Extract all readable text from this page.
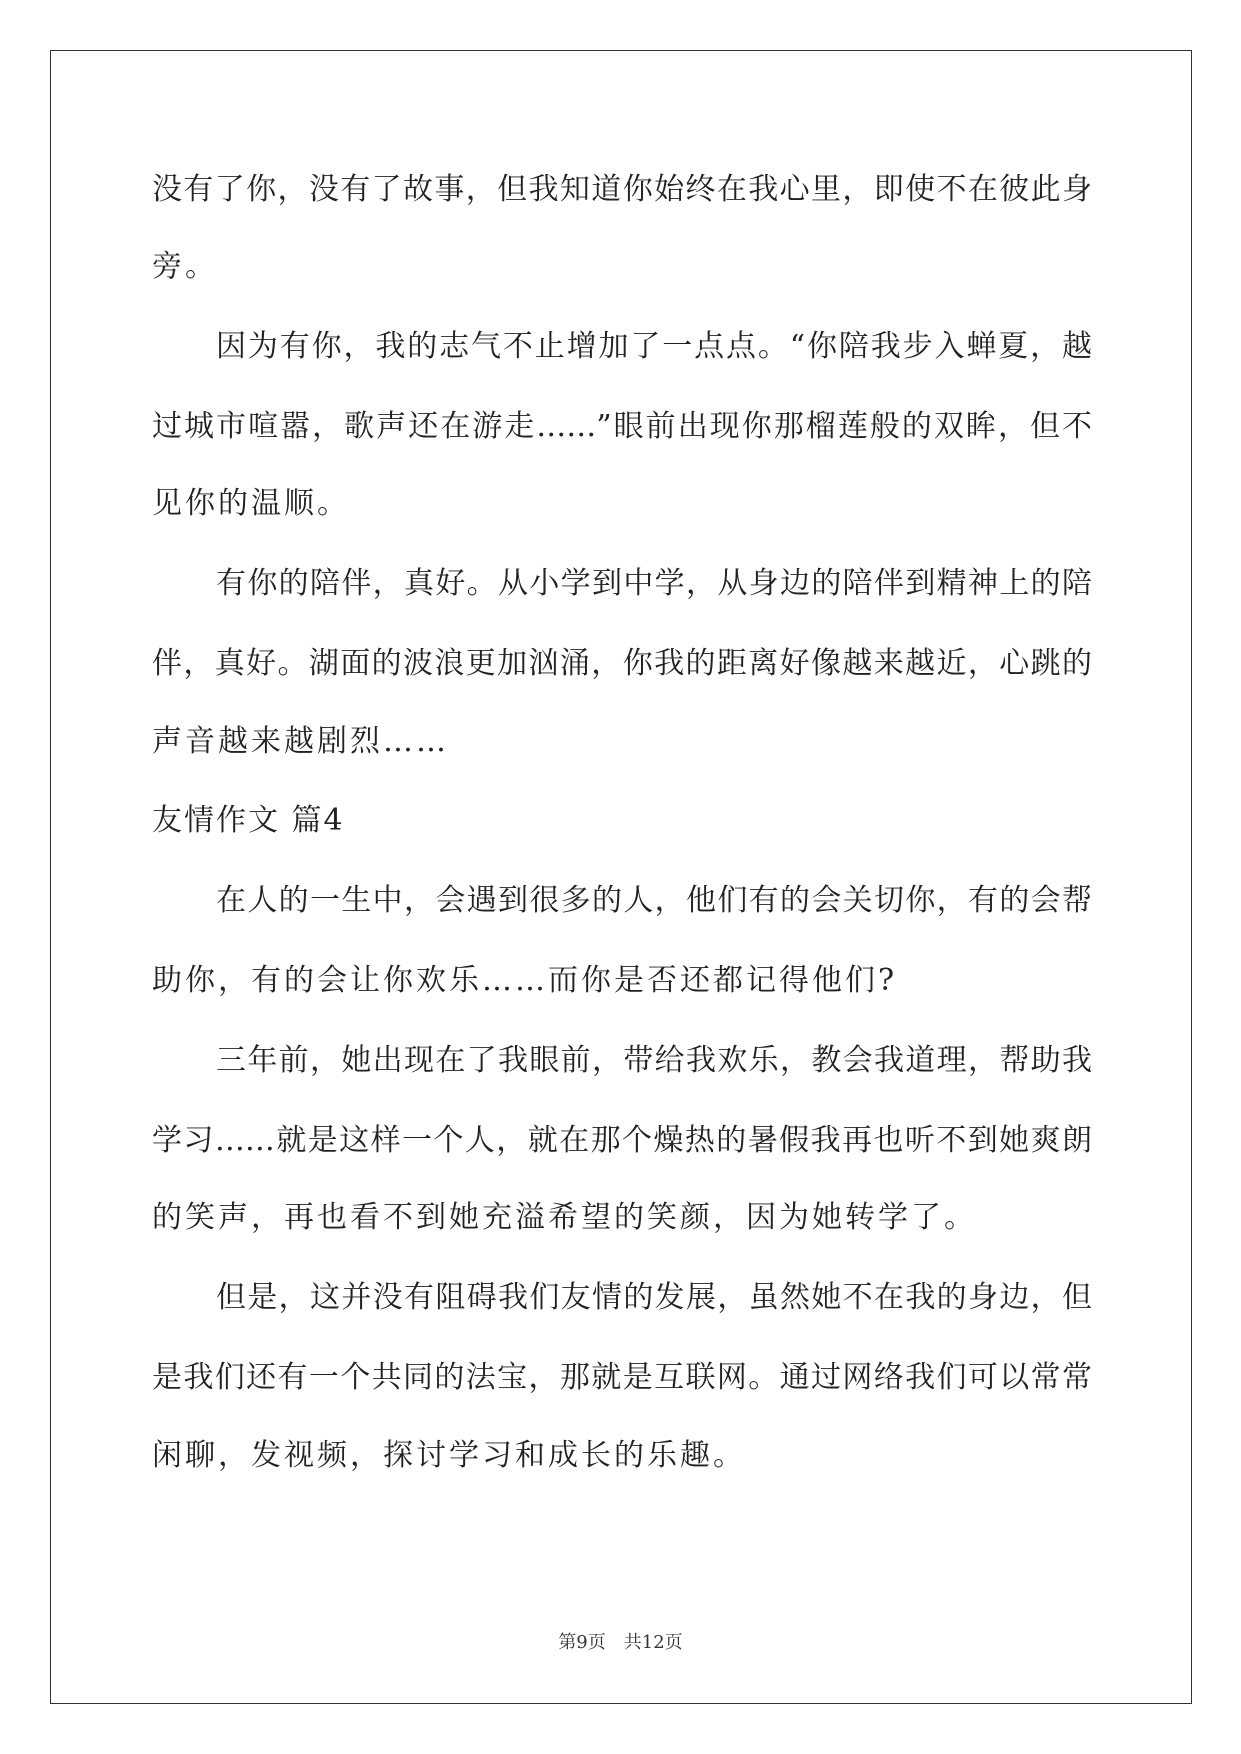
没有了你，没有了故事，但我知道你始终在我心里，即使不在彼此身
旁。
因为有你，我的志气不止增加了一点点。“你陪我步入蝉夏，越
过城市喧嚣，歌声还在游走……”眼前出现你那榴莲般的双眸，但不
见你的温顺。
有你的陪伴，真好。从小学到中学，从身边的陪伴到精神上的陪
伴，真好。湖面的波浪更加汹涌，你我的距离好像越来越近，心跳的
声音越来越剧烈……
友情作文 篇4
在人的一生中，会遇到很多的人，他们有的会关切你，有的会帮
助你，有的会让你欢乐……而你是否还都记得他们?
三年前，她出现在了我眼前，带给我欢乐，教会我道理，帮助我
学习……就是这样一个人，就在那个燥热的暑假我再也听不到她爽朗
的笑声，再也看不到她充溢希望的笑颜，因为她转学了。
但是，这并没有阻碍我们友情的发展，虽然她不在我的身边，但
是我们还有一个共同的法宝，那就是互联网。通过网络我们可以常常
闲聊，发视频，探讨学习和成长的乐趣。
第9页 共12页
